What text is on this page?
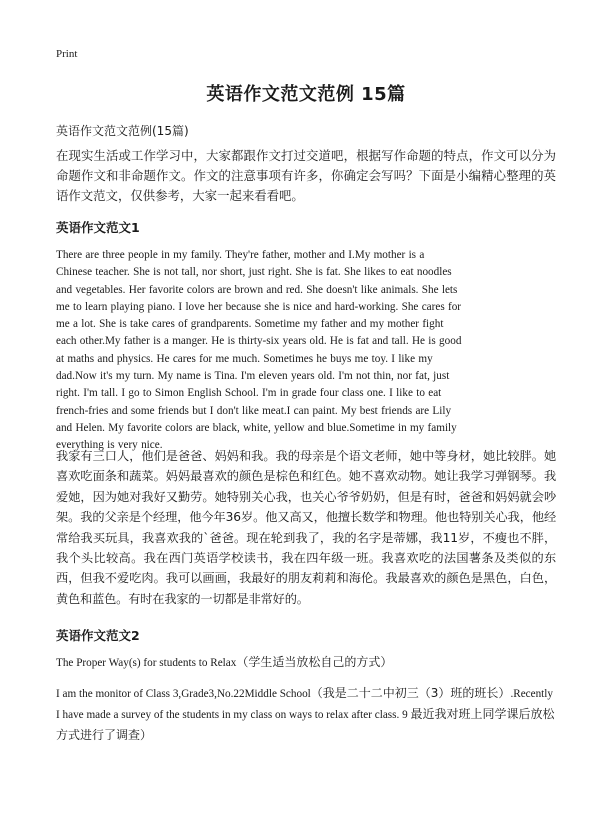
Print
英语作文范文范例 15篇
英语作文范文范例(15篇)

在现实生活或工作学习中，大家都跟作文打过交道吧，根据写作命题的特点，作文可以分为命题作文和非命题作文。作文的注意事项有许多，你确定会写吗？下面是小编精心整理的英语作文范文，仅供参考，大家一起来看看吧。

英语作文范文1

There are three people in my family. They're father, mother and I.My mother is a
Chinese teacher. She is not tall, nor short, just right. She is fat. She likes to eat noodles
and vegetables. Her favorite colors are brown and red. She doesn't like animals. She lets
me to learn playing piano. I love her because she is nice and hard-working. She cares for
me a lot. She is take cares of grandparents. Sometime my father and my mother fight
each other.My father is a manger. He is thirty-six years old. He is fat and tall. He is good
at maths and physics. He cares for me much. Sometimes he buys me toy. I like my
dad.Now it's my turn. My name is Tina. I'm eleven years old. I'm not thin, nor fat, just
right. I'm tall. I go to Simon English School. I'm in grade four class one. I like to eat
french-fries and some friends but I don't like meat.I can paint. My best friends are Lily
and Helen. My favorite colors are black, white, yellow and blue.Sometime in my family
everything is very nice.

我家有三口人，他们是爸爸、妈妈和我。我的母亲是个语文老师，她中等身材，她比较胖。她喜欢吃面条和蔬菜。妈妈最喜欢的颜色是棕色和红色。她不喜欢动物。她让我学习弹钢琴。我爱她，因为她对我好又勤劳。她特别关心我，也关心爷爷奶奶，但是有时，爸爸和妈妈就会吵架。我的父亲是个经理，他今年36岁。他又高又，他擅长数学和物理。他也特别关心我，他经常给我买玩具，我喜欢我的`爸爸。现在轮到我了，我的名字是蒂娜，我11岁，不瘦也不胖，我个头比较高。我在西门英语学校读书，我在四年级一班。我喜欢吃的法国薯条及类似的东西，但我不爱吃肉。我可以画画，我最好的朋友莉莉和海伦。我最喜欢的颜色是黑色，白色，黄色和蓝色。有时在我家的一切都是非常好的。

英语作文范文2

The Proper Way(s) for students to Relax（学生适当放松自己的方式）

I am the monitor of Class 3,Grade3,No.22Middle School（我是二十二中初三（3）班的班长）.Recently I have made a survey of the students in my class on ways to relax after class. 9 最近我对班上同学课后放松方式进行了调查）
